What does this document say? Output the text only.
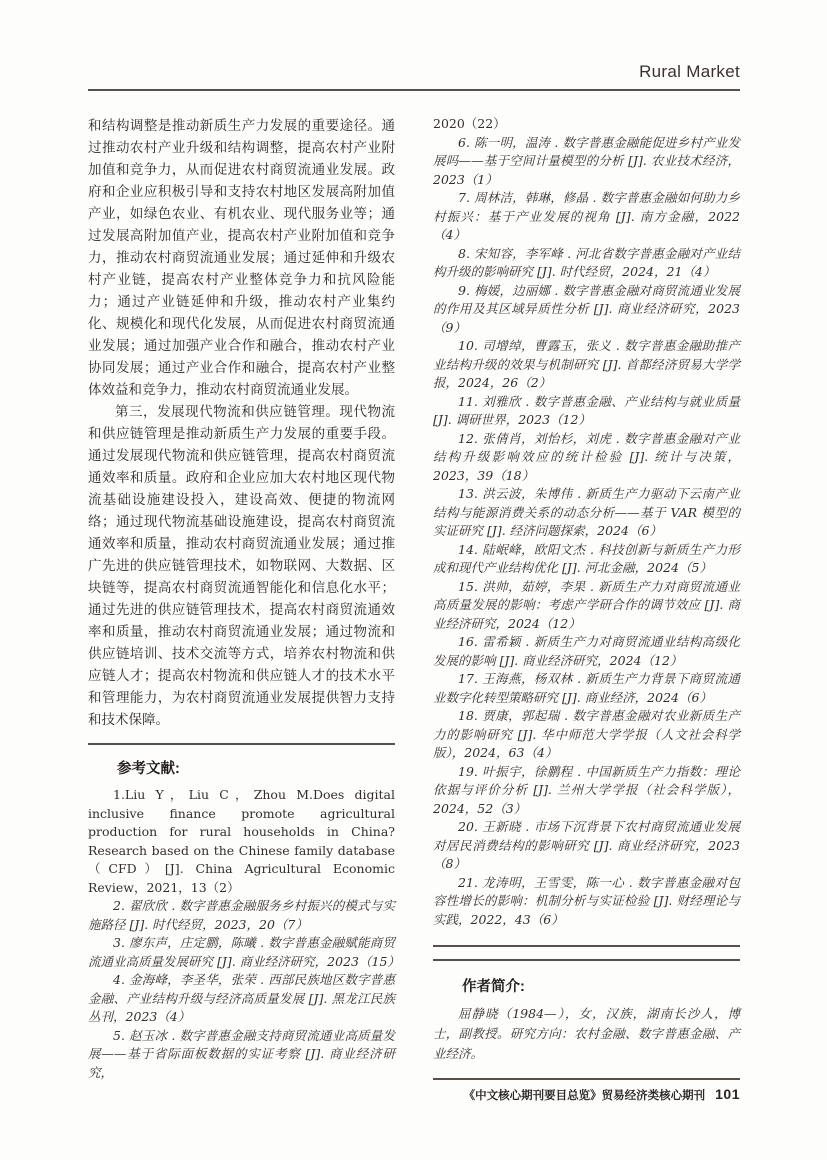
Rural Market

和结构调整是推动新质生产力发展的重要途径。通过推动农村产业升级和结构调整，提高农村产业附加值和竞争力，从而促进农村商贸流通业发展。政府和企业应积极引导和支持农村地区发展高附加值产业，如绿色农业、有机农业、现代服务业等；通过发展高附加值产业，提高农村产业附加值和竞争力，推动农村商贸流通业发展；通过延伸和升级农村产业链，提高农村产业整体竞争力和抗风险能力；通过产业链延伸和升级，推动农村产业集约化、规模化和现代化发展，从而促进农村商贸流通业发展；通过加强产业合作和融合，推动农村产业协同发展；通过产业合作和融合，提高农村产业整体效益和竞争力，推动农村商贸流通业发展。

第三，发展现代物流和供应链管理。现代物流和供应链管理是推动新质生产力发展的重要手段。通过发展现代物流和供应链管理，提高农村商贸流通效率和质量。政府和企业应加大农村地区现代物流基础设施建设投入，建设高效、便捷的物流网络；通过现代物流基础设施建设，提高农村商贸流通效率和质量，推动农村商贸流通业发展；通过推广先进的供应链管理技术，如物联网、大数据、区块链等，提高农村商贸流通智能化和信息化水平；通过先进的供应链管理技术，提高农村商贸流通效率和质量，推动农村商贸流通业发展；通过物流和供应链培训、技术交流等方式，培养农村物流和供应链人才；提高农村物流和供应链人才的技术水平和管理能力，为农村商贸流通业发展提供智力支持和技术保障。

参考文献:

1.Liu Y，Liu C，Zhou M.Does digital inclusive finance promote agricultural production for rural households in China? Research based on the Chinese family database（CFD）[J]. China Agricultural Economic Review，2021，13（2）

2. 翟欣欣 . 数字普惠金融服务乡村振兴的模式与实施路径 [J]. 时代经贸，2023，20（7）

3. 廖东声，庄定鹏，陈曦 . 数字普惠金融赋能商贸流通业高质量发展研究 [J]. 商业经济研究，2023（15）

4. 金海峰，李圣华，张荣 . 西部民族地区数字普惠金融、产业结构升级与经济高质量发展 [J]. 黑龙江民族丛刊，2023（4）

5. 赵玉冰 . 数字普惠金融支持商贸流通业高质量发展——基于省际面板数据的实证考察 [J]. 商业经济研究，

2020（22）

6. 陈一明，温涛 . 数字普惠金融能促进乡村产业发展吗——基于空间计量模型的分析 [J]. 农业技术经济，2023（1）

7. 周林洁，韩琳，修晶 . 数字普惠金融如何助力乡村振兴：基于产业发展的视角 [J]. 南方金融，2022（4）

8. 宋知容，李军峰 . 河北省数字普惠金融对产业结构升级的影响研究 [J]. 时代经贸，2024，21（4）

9. 梅媛，边丽娜 . 数字普惠金融对商贸流通业发展的作用及其区域异质性分析 [J]. 商业经济研究，2023（9）

10. 司增绰，曹露玉，张义 . 数字普惠金融助推产业结构升级的效果与机制研究 [J]. 首都经济贸易大学学报，2024，26（2）

11. 刘雅欣 . 数字普惠金融、产业结构与就业质量 [J]. 调研世界，2023（12）

12. 张倩肖，刘怡杉，刘虎 . 数字普惠金融对产业结构升级影响效应的统计检验 [J]. 统计与决策，2023，39（18）

13. 洪云波，朱博伟 . 新质生产力驱动下云南产业结构与能源消费关系的动态分析——基于 VAR 模型的实证研究 [J]. 经济问题探索，2024（6）

14. 陆岷峰，欧阳文杰 . 科技创新与新质生产力形成和现代产业结构优化 [J]. 河北金融，2024（5）

15. 洪帅，茹婷，李果 . 新质生产力对商贸流通业高质量发展的影响：考虑产学研合作的调节效应 [J]. 商业经济研究，2024（12）

16. 雷希颖 . 新质生产力对商贸流通业结构高级化发展的影响 [J]. 商业经济研究，2024（12）

17. 王海燕，杨双林 . 新质生产力背景下商贸流通业数字化转型策略研究 [J]. 商业经济，2024（6）

18. 贾康，郭起瑞 . 数字普惠金融对农业新质生产力的影响研究 [J]. 华中师范大学学报（人文社会科学版），2024，63（4）

19. 叶振宇，徐鹏程 . 中国新质生产力指数：理论依据与评价分析 [J]. 兰州大学学报（社会科学版），2024，52（3）

20. 王新晓 . 市场下沉背景下农村商贸流通业发展对居民消费结构的影响研究 [J]. 商业经济研究，2023（8）

21. 龙涛明，王雪雯，陈一心 . 数字普惠金融对包容性增长的影响：机制分析与实证检验 [J]. 财经理论与实践，2022，43（6）

作者简介:

屈静晓（1984—），女，汉族，湖南长沙人，博士，副教授。研究方向：农村金融、数字普惠金融、产业经济。

《中文核心期刊要目总览》贸易经济类核心期刊 101
